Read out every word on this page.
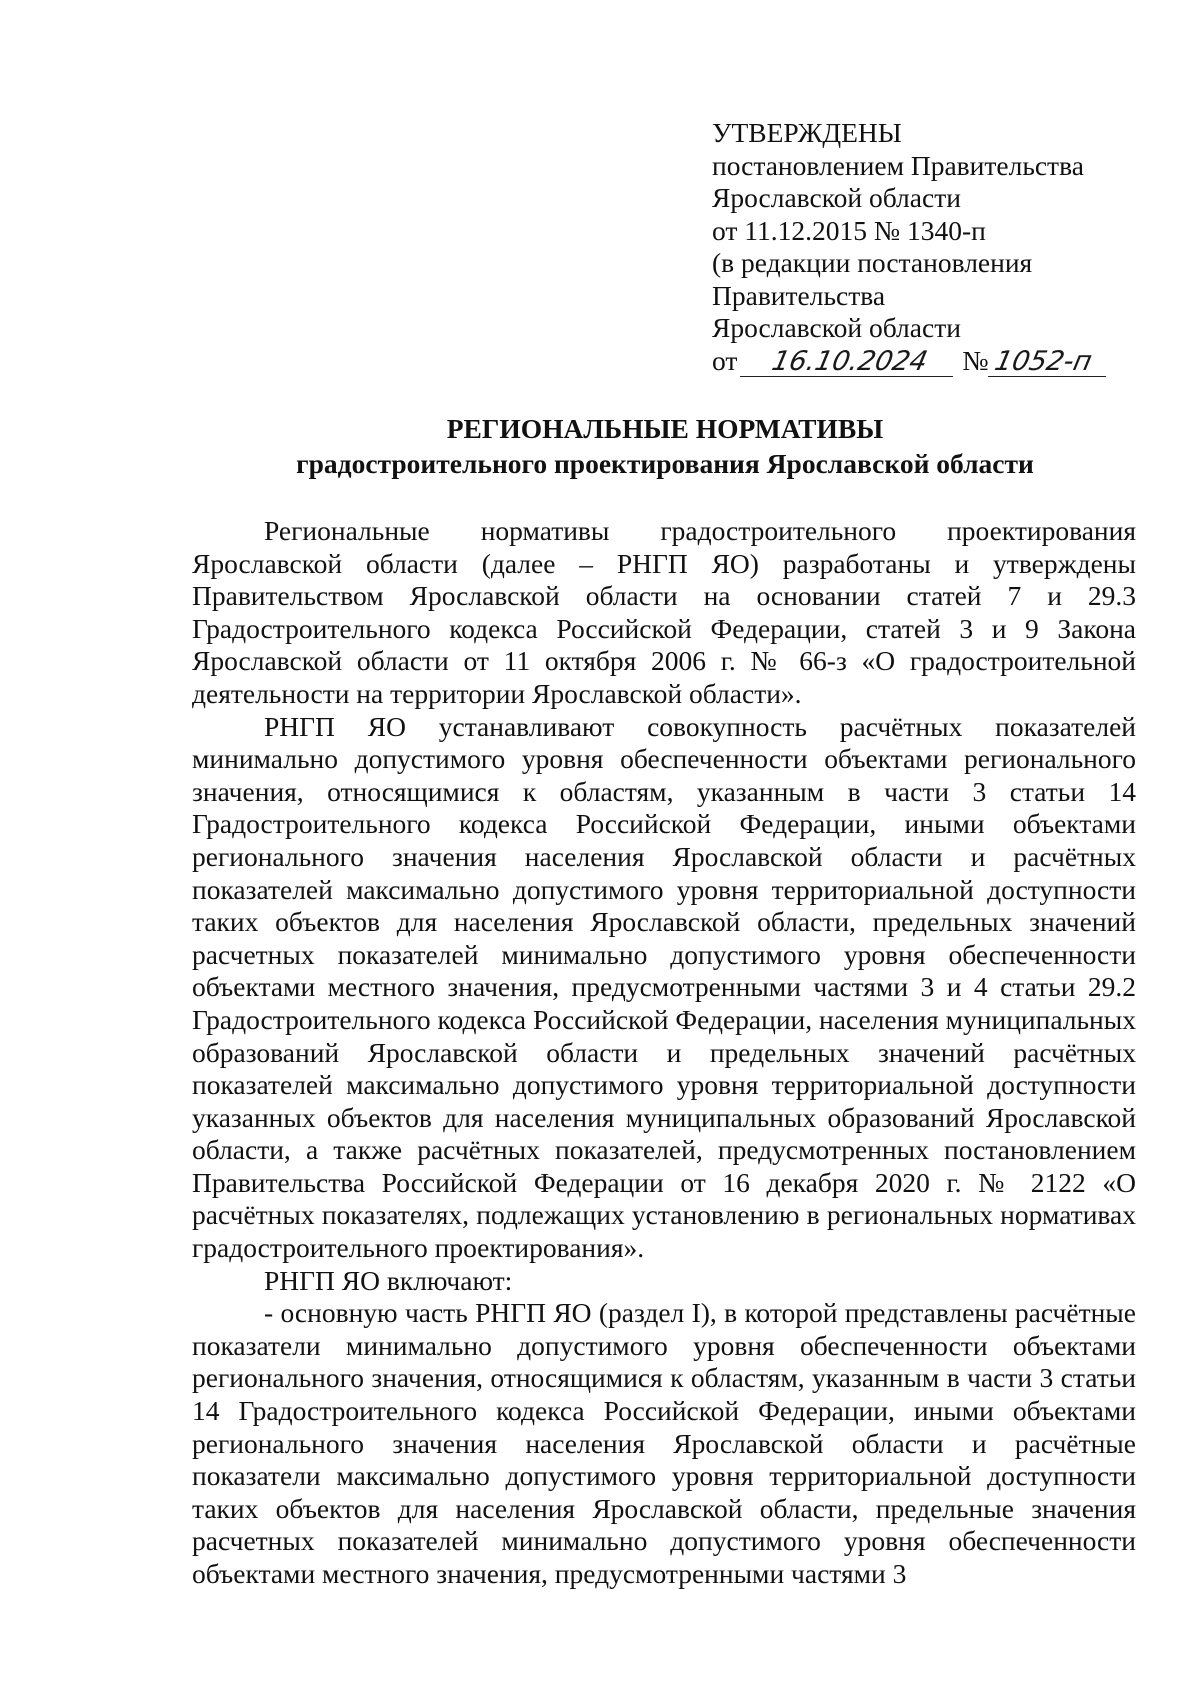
УТВЕРЖДЕНЫ
постановлением Правительства
Ярославской области
от 11.12.2015 № 1340-п
(в редакции постановления
Правительства
Ярославской области
от 16.10.2024 № 1052-п
РЕГИОНАЛЬНЫЕ НОРМАТИВЫ
градостроительного проектирования Ярославской области

Региональные нормативы градостроительного проектирования Ярославской области (далее – РНГП ЯО) разработаны и утверждены Правительством Ярославской области на основании статей 7 и 29.3 Градостроительного кодекса Российской Федерации, статей 3 и 9 Закона Ярославской области от 11 октября 2006 г. № 66-з «О градостроительной деятельности на территории Ярославской области».

РНГП ЯО устанавливают совокупность расчётных показателей минимально допустимого уровня обеспеченности объектами регионального значения, относящимися к областям, указанным в части 3 статьи 14 Градостроительного кодекса Российской Федерации, иными объектами регионального значения населения Ярославской области и расчётных показателей максимально допустимого уровня территориальной доступности таких объектов для населения Ярославской области, предельных значений расчетных показателей минимально допустимого уровня обеспеченности объектами местного значения, предусмотренными частями 3 и 4 статьи 29.2 Градостроительного кодекса Российской Федерации, населения муниципальных образований Ярославской области и предельных значений расчётных показателей максимально допустимого уровня территориальной доступности указанных объектов для населения муниципальных образований Ярославской области, а также расчётных показателей, предусмотренных постановлением Правительства Российской Федерации от 16 декабря 2020 г. № 2122 «О расчётных показателях, подлежащих установлению в региональных нормативах градостроительного проектирования».

РНГП ЯО включают:

- основную часть РНГП ЯО (раздел I), в которой представлены расчётные показатели минимально допустимого уровня обеспеченности объектами регионального значения, относящимися к областям, указанным в части 3 статьи 14 Градостроительного кодекса Российской Федерации, иными объектами регионального значения населения Ярославской области и расчётные показатели максимально допустимого уровня территориальной доступности таких объектов для населения Ярославской области, предельные значения расчетных показателей минимально допустимого уровня обеспеченности объектами местного значения, предусмотренными частями 3
